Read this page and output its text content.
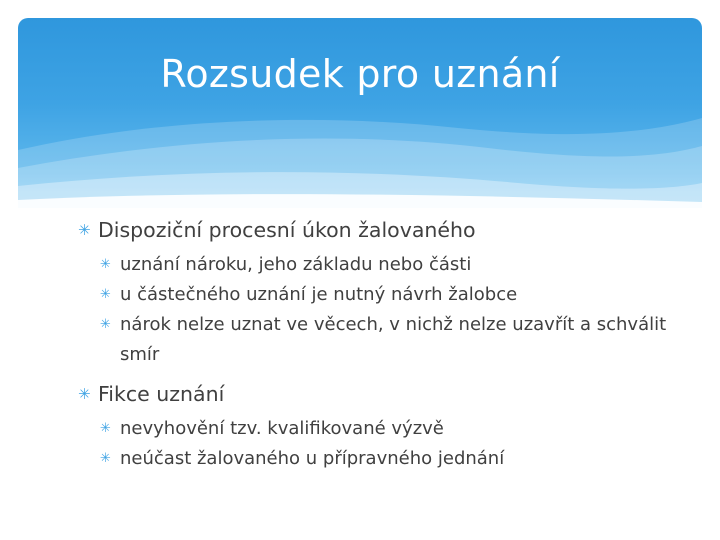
Rozsudek pro uznání

✳ Dispoziční procesní úkon žalovaného

✳ uznání nároku, jeho základu nebo části

✳ u částečného uznání je nutný návrh žalobce

✳ nárok nelze uznat ve věcech, v nichž nelze uzavřít a schválit smír

✳ Fikce uznání

✳ nevyhovění tzv. kvalifikované výzvě

✳ neúčast žalovaného u přípravného jednání
